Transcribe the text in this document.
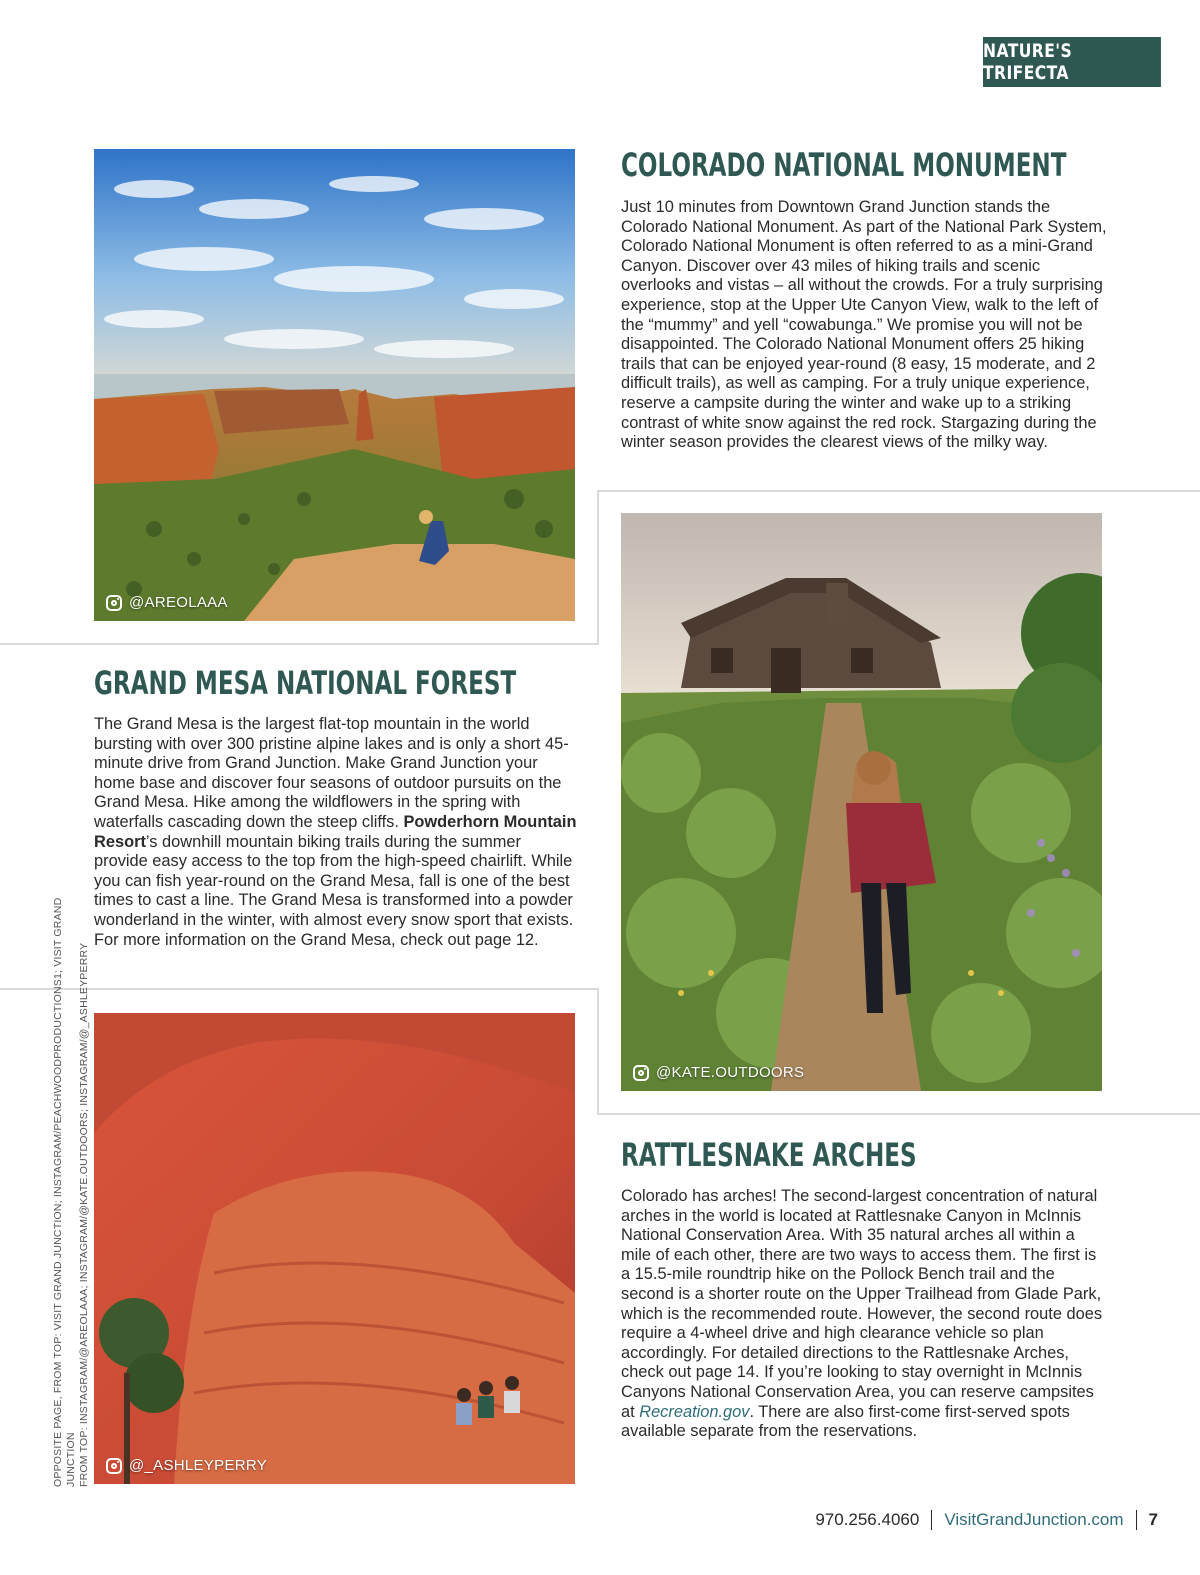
NATURE'S TRIFECTA
@AREOLAAA
COLORADO NATIONAL MONUMENT

Just 10 minutes from Downtown Grand Junction stands the Colorado National Monument. As part of the National Park System, Colorado National Monument is often referred to as a mini-Grand Canyon. Discover over 43 miles of hiking trails and scenic overlooks and vistas – all without the crowds. For a truly surprising experience, stop at the Upper Ute Canyon View, walk to the left of the “mummy” and yell “cowabunga.” We promise you will not be disappointed. The Colorado National Monument offers 25 hiking trails that can be enjoyed year-round (8 easy, 15 moderate, and 2 difficult trails), as well as camping. For a truly unique experience, reserve a campsite during the winter and wake up to a striking contrast of white snow against the red rock. Stargazing during the winter season provides the clearest views of the milky way.

GRAND MESA NATIONAL FOREST

The Grand Mesa is the largest flat-top mountain in the world bursting with over 300 pristine alpine lakes and is only a short 45-minute drive from Grand Junction. Make Grand Junction your home base and discover four seasons of outdoor pursuits on the Grand Mesa. Hike among the wildflowers in the spring with waterfalls cascading down the steep cliffs. Powderhorn Mountain Resort’s downhill mountain biking trails during the summer provide easy access to the top from the high-speed chairlift. While you can fish year-round on the Grand Mesa, fall is one of the best times to cast a line. The Grand Mesa is transformed into a powder wonderland in the winter, with almost every snow sport that exists. For more information on the Grand Mesa, check out page 12.

@KATE.OUTDOORS
@_ASHLEYPERRY
RATTLESNAKE ARCHES

Colorado has arches! The second-largest concentration of natural arches in the world is located at Rattlesnake Canyon in McInnis National Conservation Area. With 35 natural arches all within a mile of each other, there are two ways to access them. The first is a 15.5-mile roundtrip hike on the Pollock Bench trail and the second is a shorter route on the Upper Trailhead from Glade Park, which is the recommended route. However, the second route does require a 4-wheel drive and high clearance vehicle so plan accordingly. For detailed directions to the Rattlesnake Arches, check out page 14. If you’re looking to stay overnight in McInnis Canyons National Conservation Area, you can reserve campsites at Recreation.gov. There are also first-come first-served spots available separate from the reservations.

OPPOSITE PAGE, FROM TOP: VISIT GRAND JUNCTION; INSTAGRAM/PEACHWOODPRODUCTIONS1; VISIT GRAND JUNCTION FROM TOP: INSTAGRAM/@AREOLAAA; INSTAGRAM/@KATE.OUTDOORS; INSTAGRAM/@_ASHLEYPERRY
970.256.4060 VisitGrandJunction.com 7
